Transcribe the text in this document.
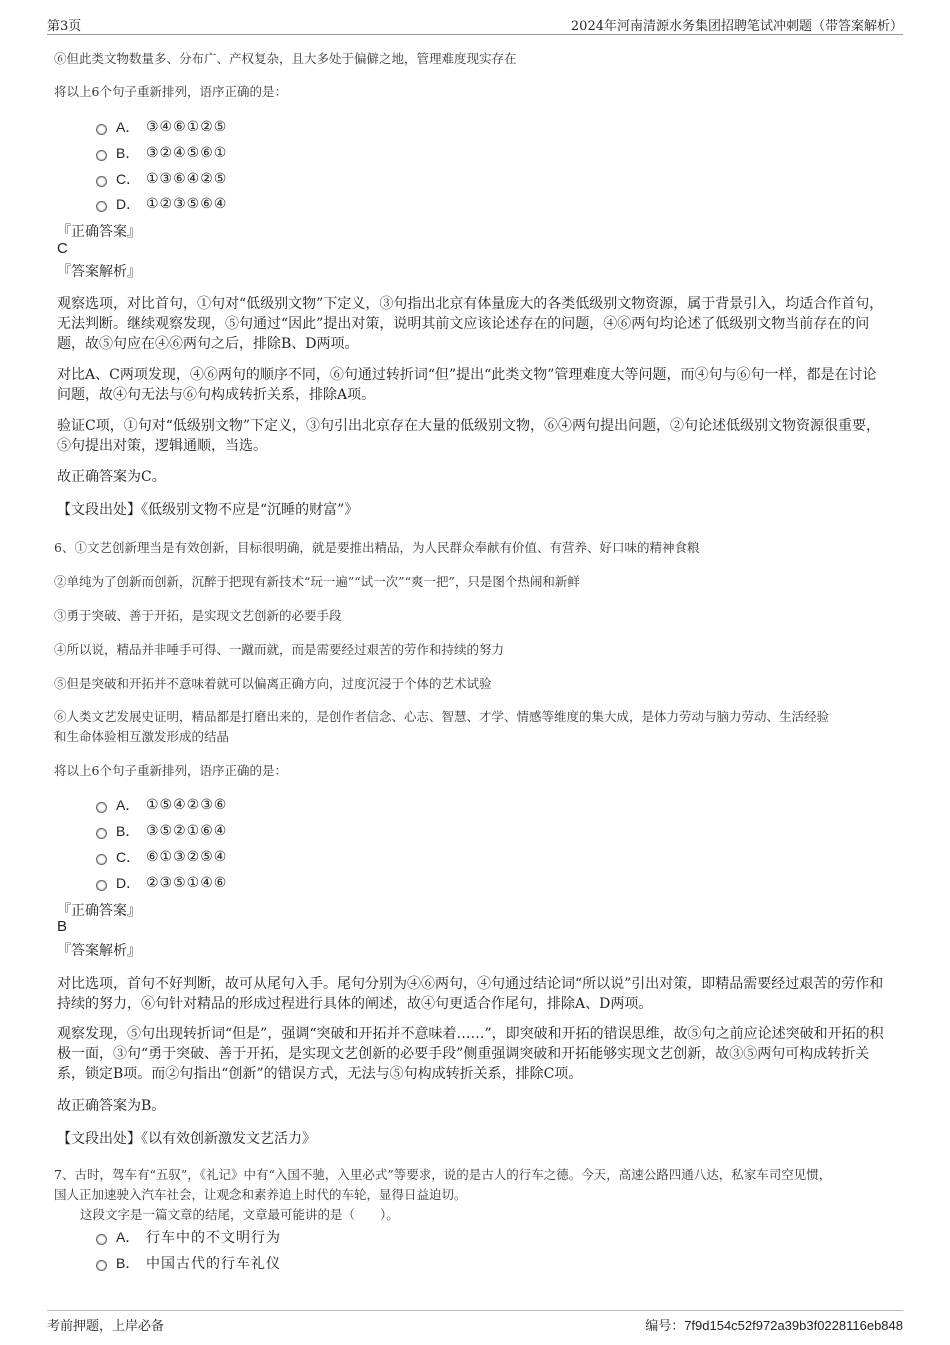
第3页	2024年河南清源水务集团招聘笔试冲刺题（带答案解析）
⑥但此类文物数量多、分布广、产权复杂，且大多处于偏僻之地，管理难度现实存在
将以上6个句子重新排列，语序正确的是：
A． ③④⑥①②⑤
B． ③②④⑤⑥①
C． ①③⑥④②⑤
D． ①②③⑤⑥④
『正确答案』
C
『答案解析』
观察选项，对比首句，①句对“低级别文物”下定义，③句指出北京有体量庞大的各类低级别文物资源，属于背景引入，均适合作首句，无法判断。继续观察发现，⑤句通过“因此”提出对策，说明其前文应该论述存在的问题，④⑥两句均论述了低级别文物当前存在的问题，故⑤句应在④⑥两句之后，排除B、D两项。
对比A、C两项发现，④⑥两句的顺序不同，⑥句通过转折词“但”提出“此类文物”管理难度大等问题，而④句与⑥句一样，都是在讨论问题，故④句无法与⑥句构成转折关系，排除A项。
验证C项，①句对“低级别文物”下定义，③句引出北京存在大量的低级别文物，⑥④两句提出问题，②句论述低级别文物资源很重要，⑤句提出对策，逻辑通顺，当选。
故正确答案为C。
【文段出处】《低级别文物不应是“沉睡的财富”》
6、①文艺创新理当是有效创新，目标很明确，就是要推出精品，为人民群众奉献有价值、有营养、好口味的精神食粮
②单纯为了创新而创新，沉醉于把现有新技术“玩一遍”“试一次”“爽一把”，只是图个热闹和新鲜
③勇于突破、善于开拓，是实现文艺创新的必要手段
④所以说，精品并非唾手可得、一蹴而就，而是需要经过艰苦的劳作和持续的努力
⑤但是突破和开拓并不意味着就可以偏离正确方向，过度沉浸于个体的艺术试验
⑥人类文艺发展史证明，精品都是打磨出来的，是创作者信念、心志、智慧、才学、情感等维度的集大成，是体力劳动与脑力劳动、生活经验
和生命体验相互激发形成的结晶
将以上6个句子重新排列，语序正确的是：
A． ①⑤④②③⑥
B． ③⑤②①⑥④
C． ⑥①③②⑤④
D． ②③⑤①④⑥
『正确答案』
B
『答案解析』
对比选项，首句不好判断，故可从尾句入手。尾句分别为④⑥两句，④句通过结论词“所以说”引出对策，即精品需要经过艰苦的劳作和持续的努力，⑥句针对精品的形成过程进行具体的阐述，故④句更适合作尾句，排除A、D两项。
观察发现，⑤句出现转折词“但是”，强调“突破和开拓并不意味着……”，即突破和开拓的错误思维，故⑤句之前应论述突破和开拓的积极一面，③句“勇于突破、善于开拓，是实现文艺创新的必要手段”侧重强调突破和开拓能够实现文艺创新，故③⑤两句可构成转折关系，锁定B项。而②句指出“创新”的错误方式，无法与⑤句构成转折关系，排除C项。
故正确答案为B。
【文段出处】《以有效创新激发文艺活力》
7、古时，驾车有“五驭”，《礼记》中有“入国不驰，入里必式”等要求，说的是古人的行车之德。今天，高速公路四通八达，私家车司空见惯，
国人正加速驶入汽车社会，让观念和素养追上时代的车轮，显得日益迫切。
这段文字是一篇文章的结尾，文章最可能讲的是（　　）。
A． 行车中的不文明行为
B． 中国古代的行车礼仪
考前押题，上岸必备	编号：7f9d154c52f972a39b3f0228116eb848
